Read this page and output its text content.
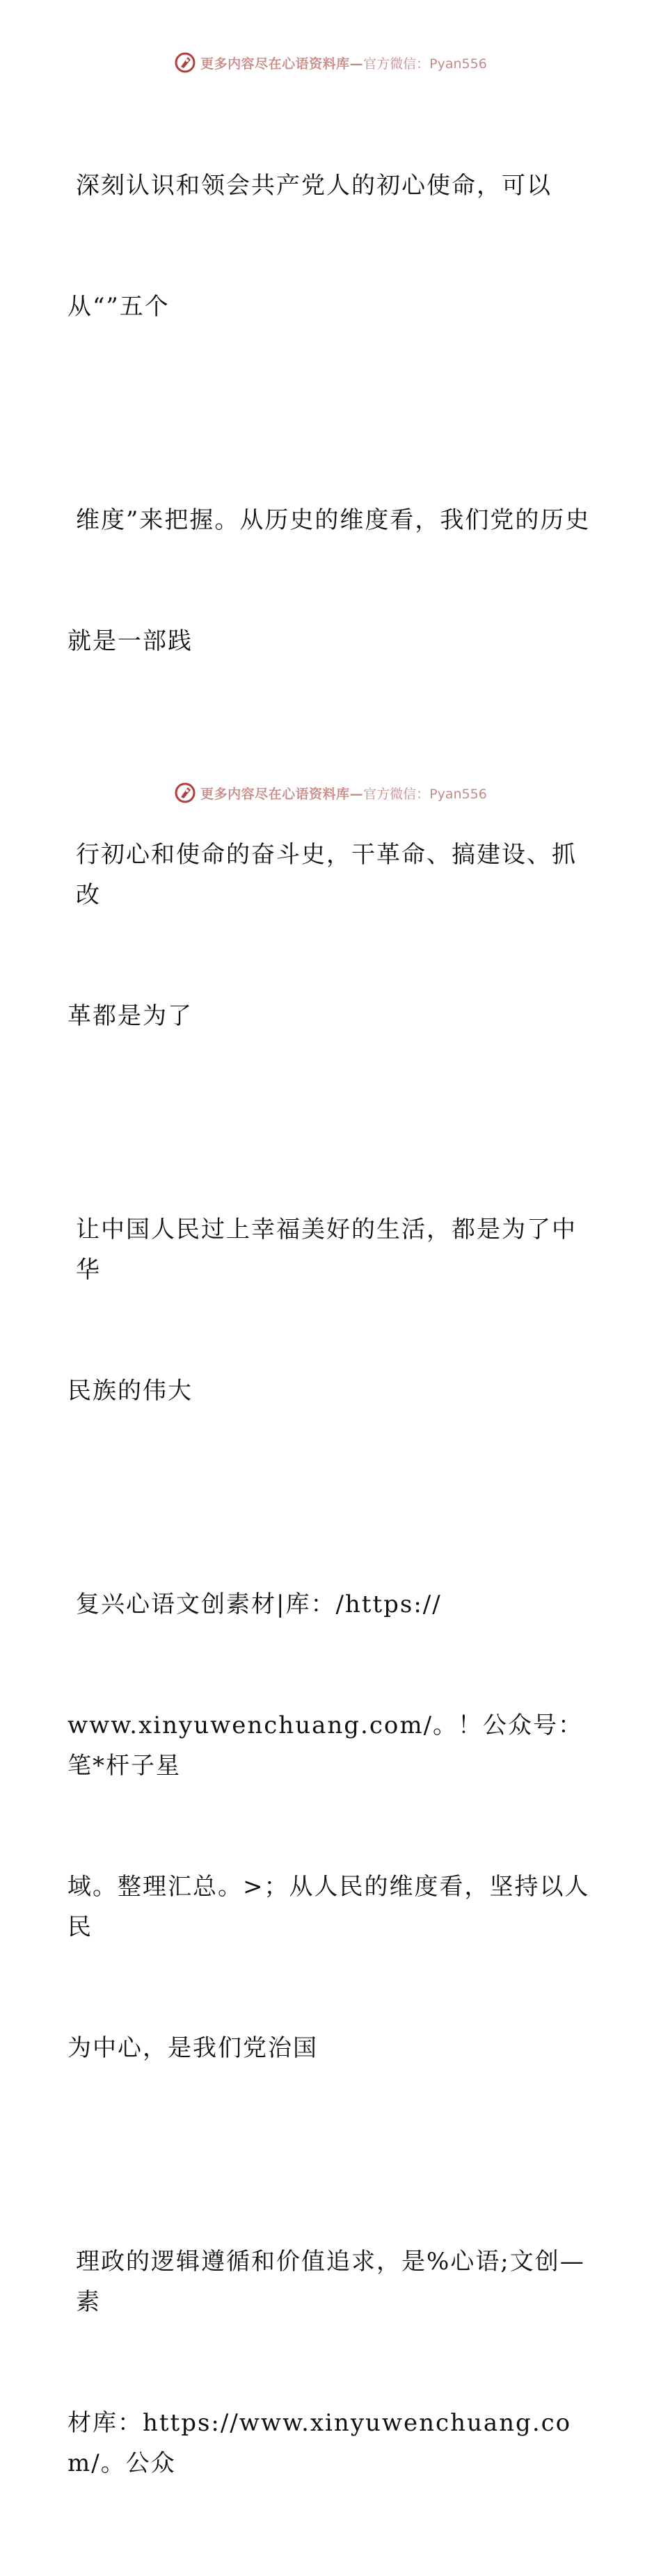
更多内容尽在心语资料库— 官方微信：Pyan556

深刻认识和领会共产党人的初心使命，可以

从“”五个

维度”来把握。从历史的维度看，我们党的历史

就是一部践

行初心和使命的奋斗史，干革命、搞建设、抓改

革都是为了

让中国人民过上幸福美好的生活，都是为了中华

民族的伟大

复兴心语文创素材|库：/https://

www.xinyuwenchuang.com/。！公众号：笔*杆子星

域。整理汇总。>；从人民的维度看，坚持以人民

为中心，是我们党治国

理政的逻辑遵循和价值追求，是%心语;文创—素

材库：https://www.xinyuwenchuang.com/。公众

更多内容尽在心语资料库— 官方微信：Pyan556
